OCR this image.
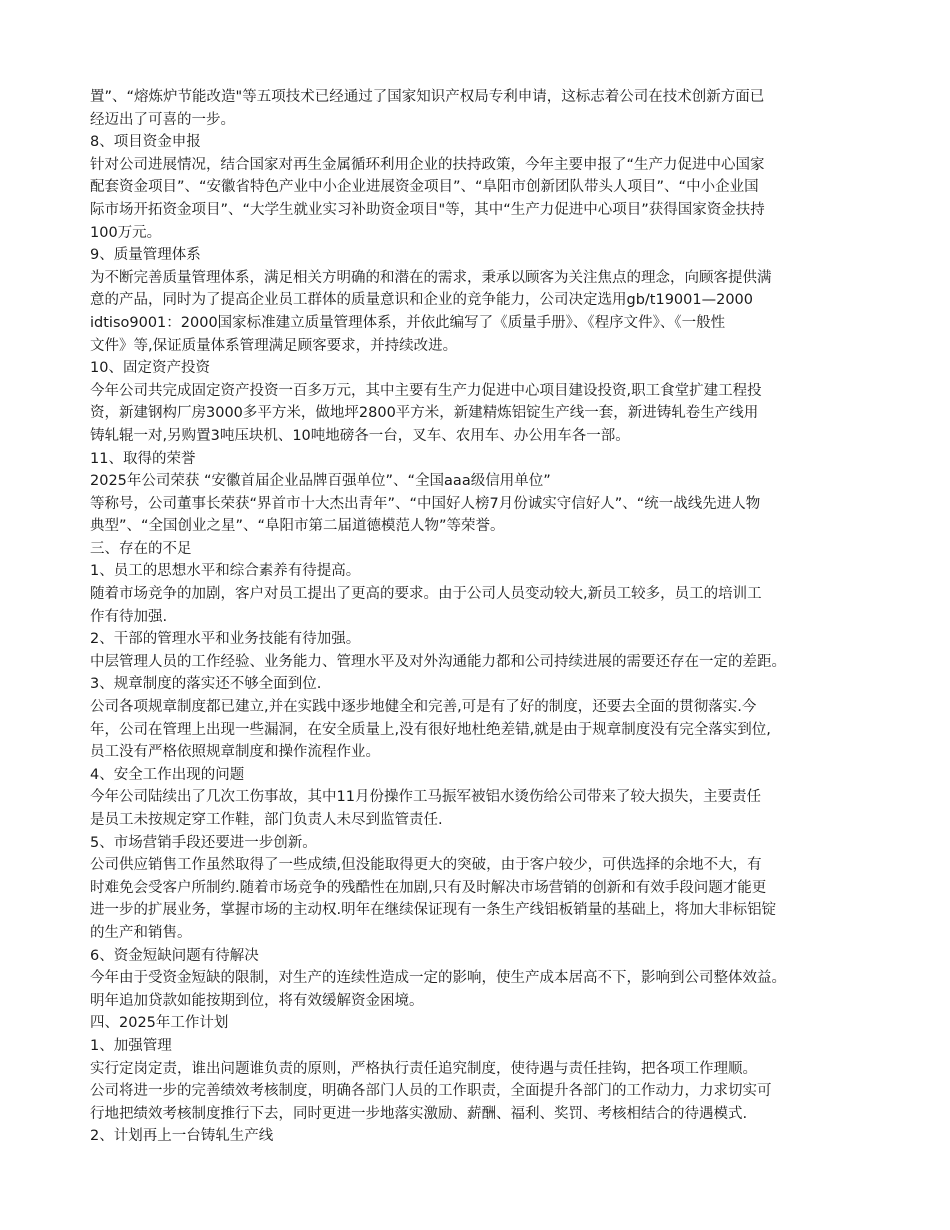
置”、“熔炼炉节能改造"等五项技术已经通过了国家知识产权局专利申请，这标志着公司在技术创新方面已
经迈出了可喜的一步。
8、项目资金申报
针对公司进展情况，结合国家对再生金属循环利用企业的扶持政策，今年主要申报了“生产力促进中心国家
配套资金项目”、“安徽省特色产业中小企业进展资金项目”、“阜阳市创新团队带头人项目”、“中小企业国
际市场开拓资金项目”、“大学生就业实习补助资金项目"等，其中“生产力促进中心项目”获得国家资金扶持
100万元。
9、质量管理体系
为不断完善质量管理体系，满足相关方明确的和潜在的需求，秉承以顾客为关注焦点的理念，向顾客提供满
意的产品，同时为了提高企业员工群体的质量意识和企业的竞争能力，公司决定选用gb/t19001—2000
idtiso9001：2000国家标准建立质量管理体系，并依此编写了《质量手册》、《程序文件》、《一般性
文件》等,保证质量体系管理满足顾客要求，并持续改进。
10、固定资产投资
今年公司共完成固定资产投资一百多万元，其中主要有生产力促进中心项目建设投资,职工食堂扩建工程投
资，新建钢构厂房3000多平方米，做地坪2800平方米，新建精炼铝锭生产线一套，新进铸轧卷生产线用
铸轧辊一对,另购置3吨压块机、10吨地磅各一台，叉车、农用车、办公用车各一部。
11、取得的荣誉
2025年公司荣获 “安徽首届企业品牌百强单位”、“全国aaa级信用单位”
等称号，公司董事长荣获“界首市十大杰出青年”、“中国好人榜7月份诚实守信好人”、“统一战线先进人物
典型”、“全国创业之星”、“阜阳市第二届道德模范人物”等荣誉。
三、存在的不足
1、员工的思想水平和综合素养有待提高。
随着市场竞争的加剧，客户对员工提出了更高的要求。由于公司人员变动较大,新员工较多，员工的培训工
作有待加强.
2、干部的管理水平和业务技能有待加强。
中层管理人员的工作经验、业务能力、管理水平及对外沟通能力都和公司持续进展的需要还存在一定的差距。
3、规章制度的落实还不够全面到位.
公司各项规章制度都已建立,并在实践中逐步地健全和完善,可是有了好的制度，还要去全面的贯彻落实.今
年，公司在管理上出现一些漏洞，在安全质量上,没有很好地杜绝差错,就是由于规章制度没有完全落实到位,
员工没有严格依照规章制度和操作流程作业。
4、安全工作出现的问题
今年公司陆续出了几次工伤事故，其中11月份操作工马振军被铝水烫伤给公司带来了较大损失，主要责任
是员工未按规定穿工作鞋，部门负责人未尽到监管责任.
5、市场营销手段还要进一步创新。
公司供应销售工作虽然取得了一些成绩,但没能取得更大的突破，由于客户较少，可供选择的余地不大，有
时难免会受客户所制约.随着市场竞争的残酷性在加剧,只有及时解决市场营销的创新和有效手段问题才能更
进一步的扩展业务，掌握市场的主动权.明年在继续保证现有一条生产线铝板销量的基础上，将加大非标铝锭
的生产和销售。
6、资金短缺问题有待解决
今年由于受资金短缺的限制，对生产的连续性造成一定的影响，使生产成本居高不下，影响到公司整体效益。
明年追加贷款如能按期到位，将有效缓解资金困境。
四、2025年工作计划
1、加强管理
实行定岗定责，谁出问题谁负责的原则，严格执行责任追究制度，使待遇与责任挂钩，把各项工作理顺。
公司将进一步的完善绩效考核制度，明确各部门人员的工作职责，全面提升各部门的工作动力，力求切实可
行地把绩效考核制度推行下去，同时更进一步地落实激励、薪酬、福利、奖罚、考核相结合的待遇模式.
2、计划再上一台铸轧生产线
